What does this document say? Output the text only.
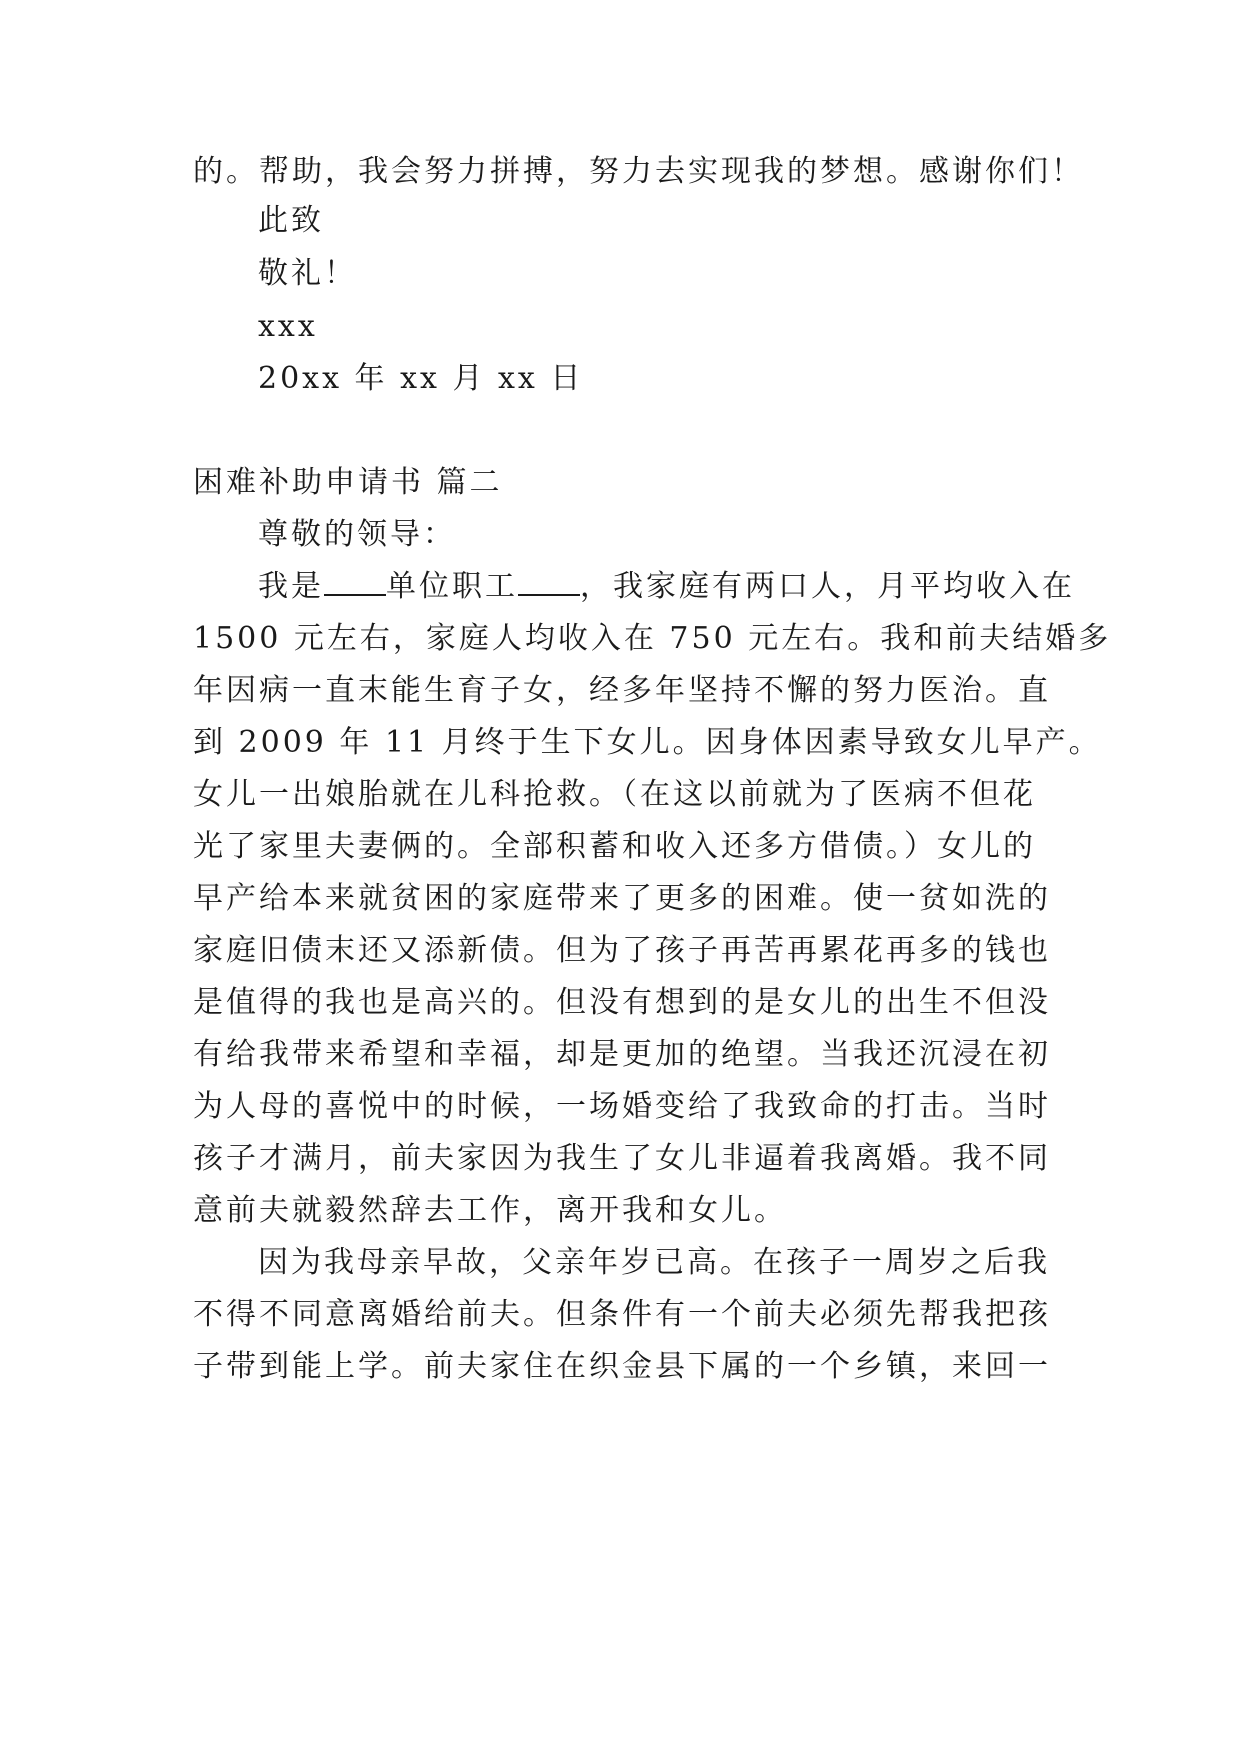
的。帮助，我会努力拼搏，努力去实现我的梦想。感谢你们！
此致
敬礼！
xxx
20xx 年 xx 月 xx 日
困难补助申请书 篇二
尊敬的领导：
我是 单位职工 ，我家庭有两口人，月平均收入在
1500 元左右，家庭人均收入在 750 元左右。我和前夫结婚多
年因病一直末能生育子女，经多年坚持不懈的努力医治。直
到 2009 年 11 月终于生下女儿。因身体因素导致女儿早产。
女儿一出娘胎就在儿科抢救。（在这以前就为了医病不但花
光了家里夫妻俩的。全部积蓄和收入还多方借债。）女儿的
早产给本来就贫困的家庭带来了更多的困难。使一贫如洗的
家庭旧债末还又添新债。但为了孩子再苦再累花再多的钱也
是值得的我也是高兴的。但没有想到的是女儿的出生不但没
有给我带来希望和幸福，却是更加的绝望。当我还沉浸在初
为人母的喜悦中的时候，一场婚变给了我致命的打击。当时
孩子才满月，前夫家因为我生了女儿非逼着我离婚。我不同
意前夫就毅然辞去工作，离开我和女儿。
因为我母亲早故，父亲年岁已高。在孩子一周岁之后我
不得不同意离婚给前夫。但条件有一个前夫必须先帮我把孩
子带到能上学。前夫家住在织金县下属的一个乡镇，来回一
